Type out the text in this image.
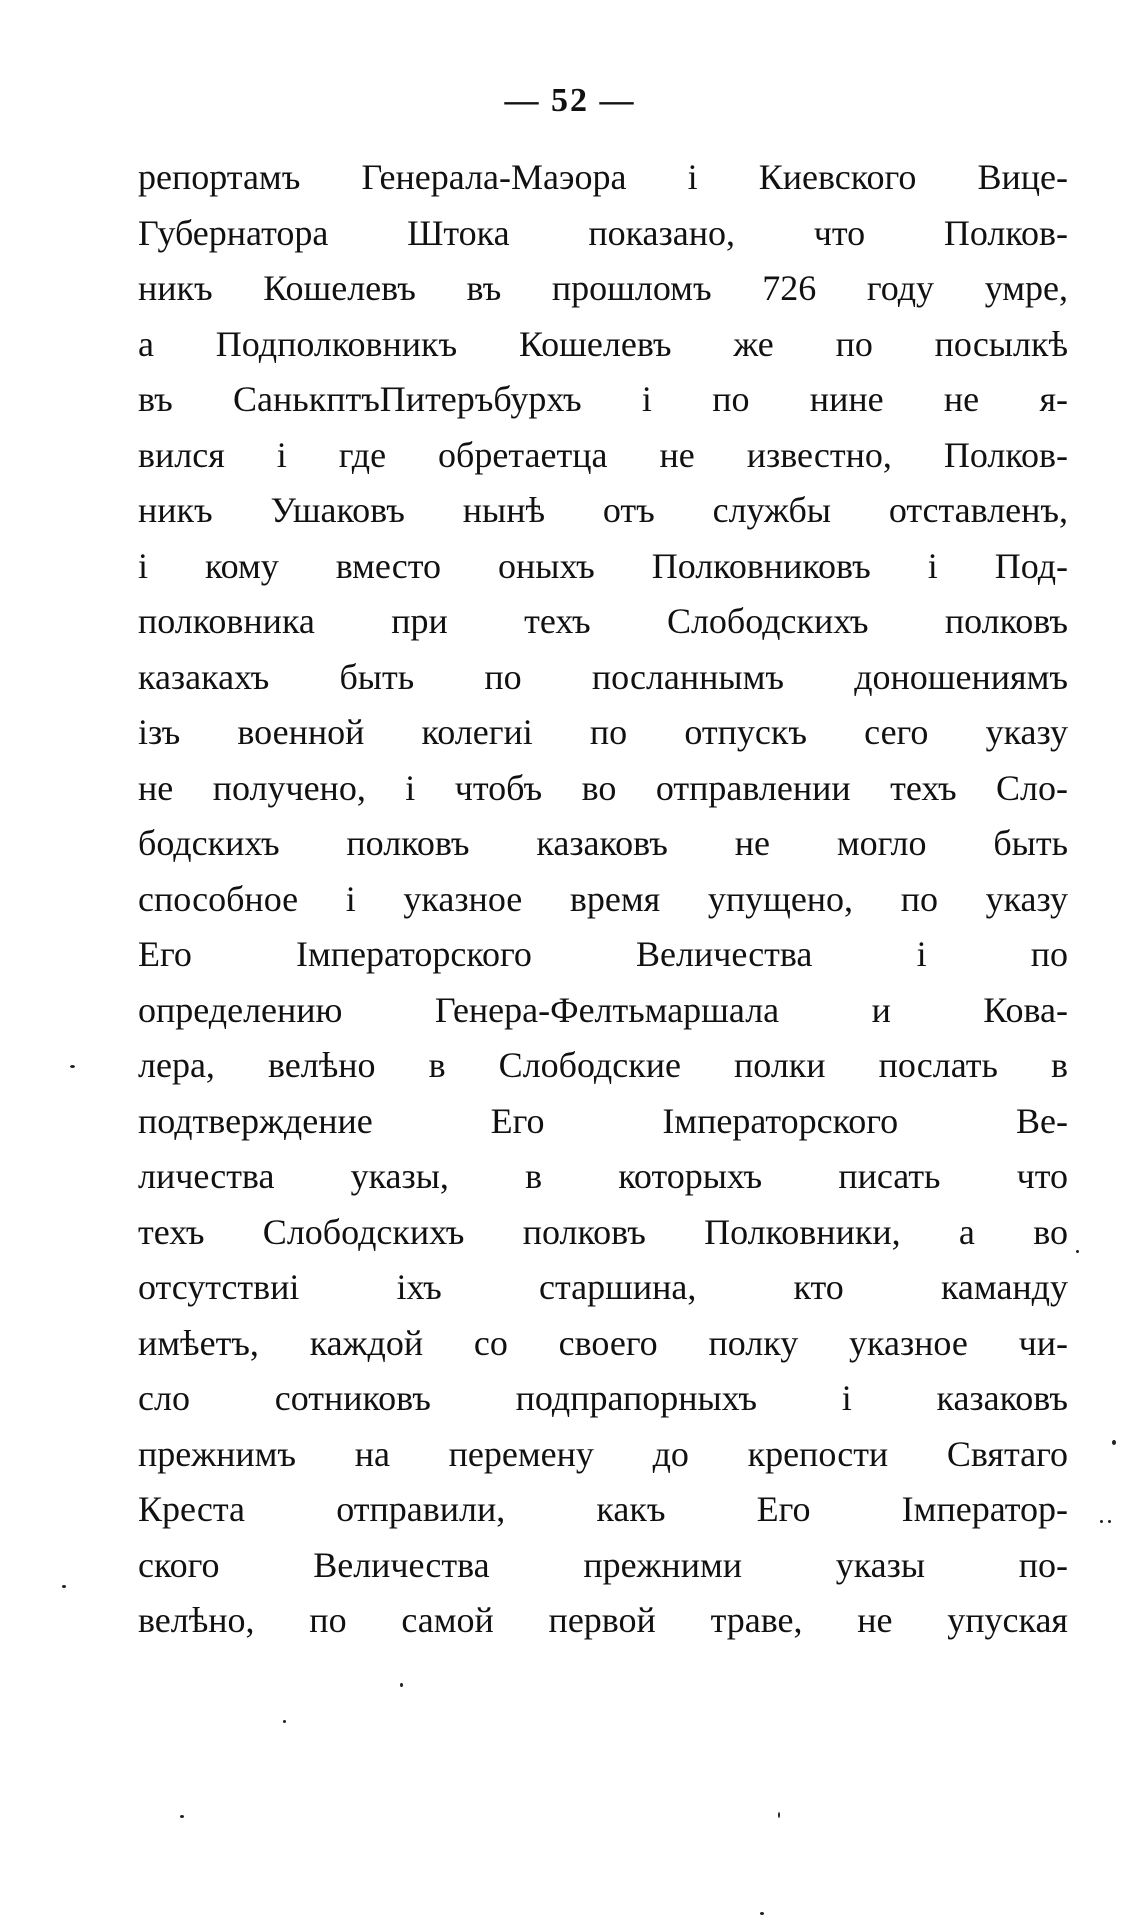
— 52 —
репортамъ Генерала-Маэора і Киевского Вице-
Губернатора Штока показано, что Полков-
никъ Кошелевъ въ прошломъ 726 году умре,
а Подполковникъ Кошелевъ же по посылкѣ
въ СанькптъПитеръбурхъ і по нине не я-
вился і где обретаетца не известно, Полков-
никъ Ушаковъ нынѣ отъ службы отставленъ,
і кому вместо оныхъ Полковниковъ і Под-
полковника при техъ Слободскихъ полковъ
казакахъ быть по посланнымъ доношениямъ
ізъ военной колегиі по отпускъ сего указу
не получено, і чтобъ во отправлении техъ Сло-
бодскихъ полковъ казаковъ не могло быть
способное і указное время упущено, по указу
Его Імператорского Величества і по
определению Генера-Фелтьмаршала и Кова-
лера, велѣно в Слободские полки послать в
подтверждение Его Імператорского Ве-
личества указы, в которыхъ писать что
техъ Слободскихъ полковъ Полковники, а во
отсутствиі іхъ старшина, кто каманду
имѣетъ, каждой со своего полку указное чи-
сло сотниковъ подпрапорныхъ і казаковъ
прежнимъ на перемену до крепости Святаго
Креста отправили, какъ Его Імператор-
ского Величества прежними указы по-
велѣно, по самой первой траве, не упуская
